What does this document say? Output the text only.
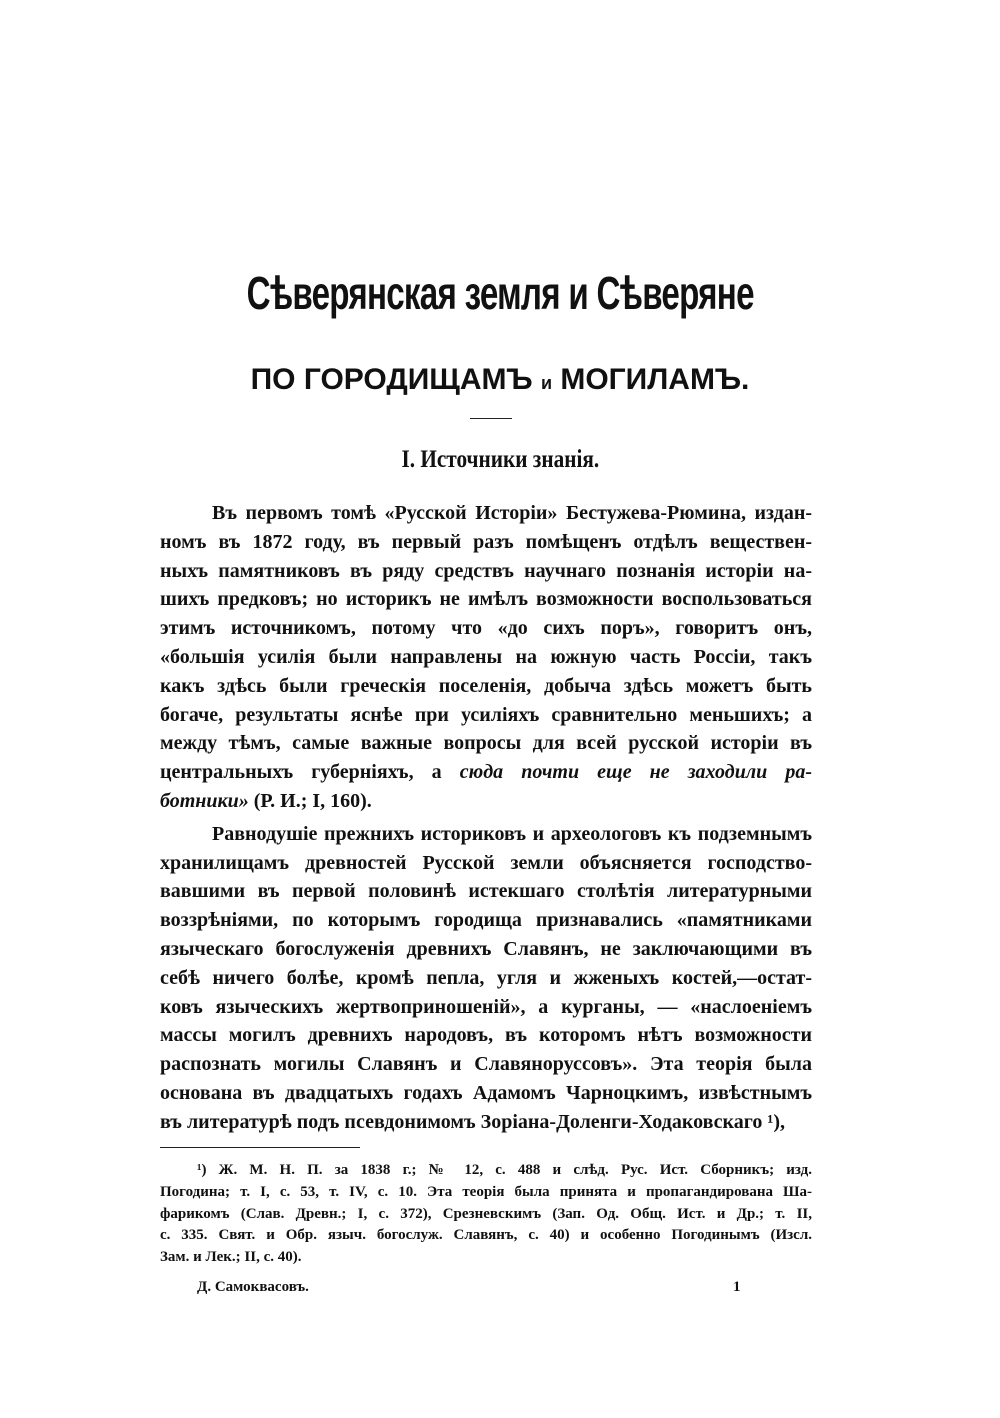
Сѣверянская земля и Сѣверяне
ПО ГОРОДИЩАМЪ и МОГИЛАМЪ.
I. Источники знанія.
Въ первомъ томѣ «Русской Исторіи» Бестужева-Рюмина, издан-
номъ въ 1872 году, въ первый разъ помѣщенъ отдѣлъ веществен-
ныхъ памятниковъ въ ряду средствъ научнаго познанія исторіи на-
шихъ предковъ; но историкъ не имѣлъ возможности воспользоваться
этимъ источникомъ, потому что «до сихъ поръ», говоритъ онъ,
«большія усилія были направлены на южную часть Россіи, такъ
какъ здѣсь были греческія поселенія, добыча здѣсь можетъ быть
богаче, результаты яснѣе при усиліяхъ сравнительно меньшихъ; а
между тѣмъ, самые важные вопросы для всей русской исторіи въ
центральныхъ губерніяхъ, а сюда почти еще не заходили ра-
ботники» (Р. И.; I, 160).
Равнодушіе прежнихъ историковъ и археологовъ къ подземнымъ
хранилищамъ древностей Русской земли объясняется господство-
вавшими въ первой половинѣ истекшаго столѣтія литературными
воззрѣніями, по которымъ городища признавались «памятниками
языческаго богослуженія древнихъ Славянъ, не заключающими въ
себѣ ничего болѣе, кромѣ пепла, угля и жженыхъ костей,—остат-
ковъ языческихъ жертвоприношеній», а курганы, — «наслоеніемъ
массы могилъ древнихъ народовъ, въ которомъ нѣтъ возможности
распознать могилы Славянъ и Славяноруссовъ». Эта теорія была
основана въ двадцатыхъ годахъ Адамомъ Чарноцкимъ, извѣстнымъ
въ литературѣ подъ псевдонимомъ Зоріана-Доленги-Ходаковскаго ¹),
¹) Ж. М. Н. П. за 1838 г.; № 12, с. 488 и слѣд. Рус. Ист. Сборникъ; изд.
Погодина; т. I, с. 53, т. IV, с. 10. Эта теорія была принята и пропагандирована Ша-
фарикомъ (Слав. Древн.; I, с. 372), Срезневскимъ (Зап. Од. Общ. Ист. и Др.; т. II,
с. 335. Свят. и Обр. языч. богослуж. Славянъ, с. 40) и особенно Погодинымъ (Изсл.
Зам. и Лек.; II, с. 40).
Д. Самоквасовъ.	1
